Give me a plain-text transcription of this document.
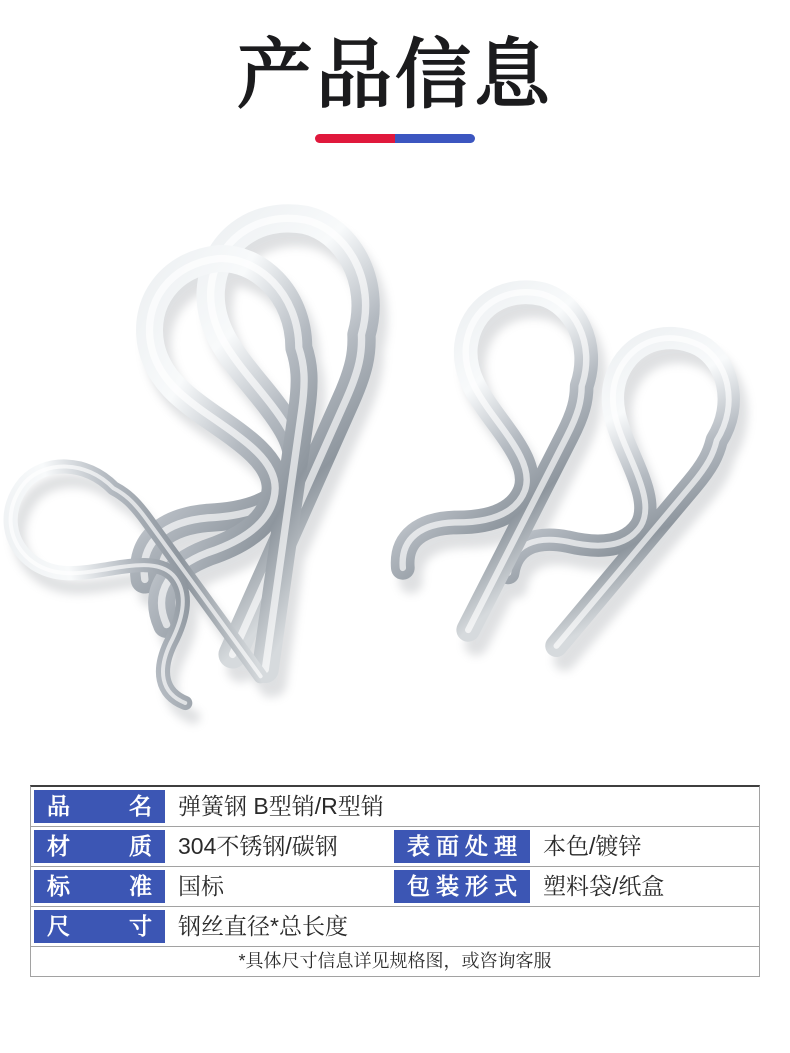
产品信息
品名	弹簧钢 B型销/R型销
材质	304不锈钢/碳钢	表面处理	本色/镀锌
标准	国标	包装形式	塑料袋/纸盒
尺寸	钢丝直径*总长度
*具体尺寸信息详见规格图，或咨询客服
